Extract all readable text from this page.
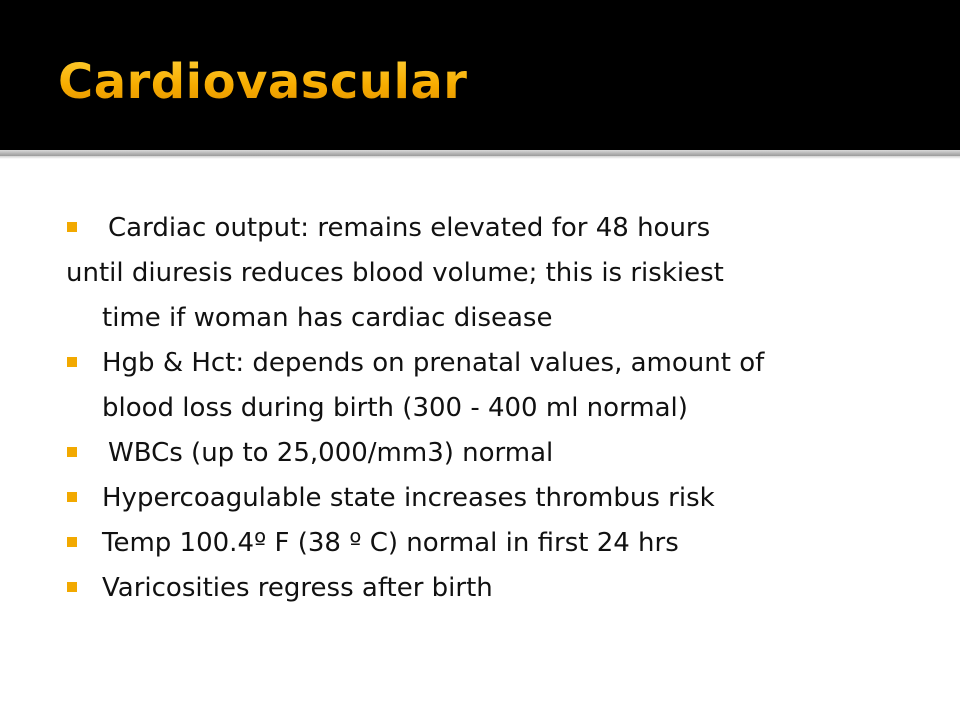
Cardiovascular
Cardiac output: remains elevated for 48 hours
until diuresis reduces blood volume; this is riskiest
time if woman has cardiac disease
Hgb & Hct: depends on prenatal values, amount of
blood loss during birth (300 - 400 ml normal)
WBCs (up to 25,000/mm3) normal
Hypercoagulable state increases thrombus risk
Temp 100.4º F (38 º C) normal in first 24 hrs
Varicosities regress after birth
